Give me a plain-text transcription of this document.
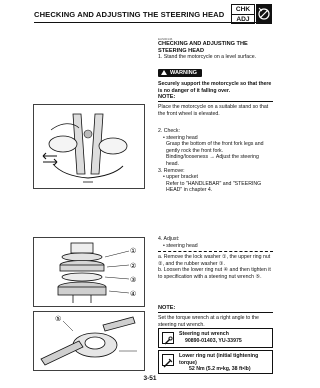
CHECKING AND ADJUSTING THE STEERING HEAD
CHK
ADJ
EAS00146
CHECKING AND ADJUSTING THE STEERING HEAD
1. Stand the motorcycle on a level surface.
WARNING
Securely support the motorcycle so that there is no danger of it falling over.
NOTE:
Place the motorcycle on a suitable stand so that the front wheel is elevated.
2. Check:
• steering head
Grasp the bottom of the front fork legs and gently rock the front fork.
Binding/looseness → Adjust the steering head.
3. Remove:
• upper bracket
Refer to "HANDLEBAR" and "STEERING HEAD" in chapter 4.
4. Adjust:
• steering head
a. Remove the lock washer ①, the upper ring nut ②, and the rubber washer ③.
b. Loosen the lower ring nut ④ and then tighten it to specification with a steering nut wrench ⑤.
NOTE:
Set the torque wrench at a right angle to the steering nut wrench.
Steering nut wrench
90890-01403, YU-33975
Lower ring nut (initial tightening
torque)
52 Nm (5.2 m•kg, 38 ft•lb)
①
②
③
④
⑤
3-51
